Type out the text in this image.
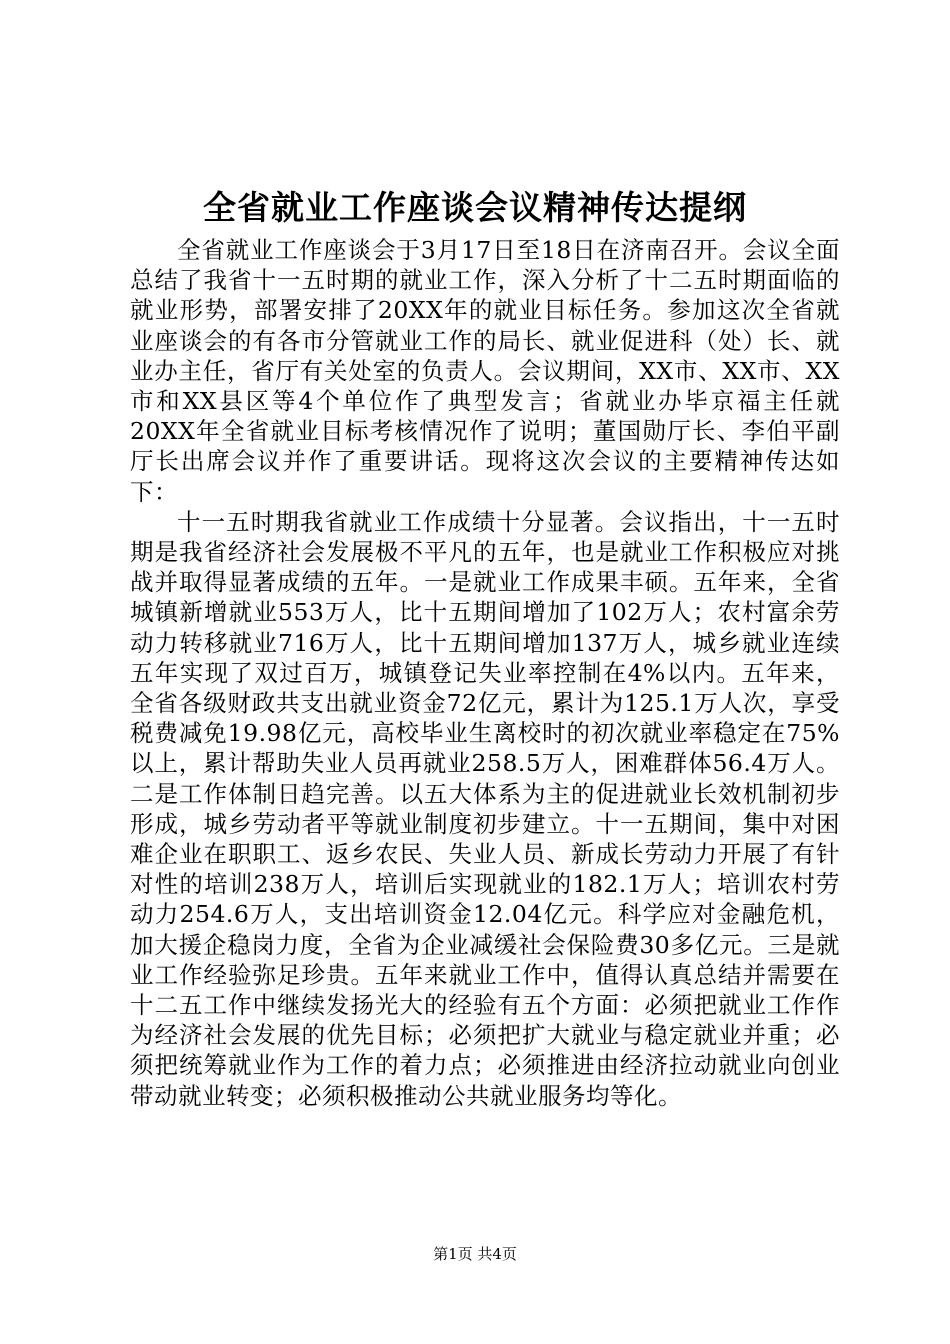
全省就业工作座谈会议精神传达提纲

全省就业工作座谈会于3月17日至18日在济南召开。会议全面总结了我省十一五时期的就业工作，深入分析了十二五时期面临的就业形势，部署安排了20XX年的就业目标任务。参加这次全省就业座谈会的有各市分管就业工作的局长、就业促进科（处）长、就业办主任，省厅有关处室的负责人。会议期间，XX市、XX市、XX市和XX县区等4个单位作了典型发言；省就业办毕京福主任就20XX年全省就业目标考核情况作了说明；董国勋厅长、李伯平副厅长出席会议并作了重要讲话。现将这次会议的主要精神传达如下：

十一五时期我省就业工作成绩十分显著。会议指出，十一五时期是我省经济社会发展极不平凡的五年，也是就业工作积极应对挑战并取得显著成绩的五年。一是就业工作成果丰硕。五年来，全省城镇新增就业553万人，比十五期间增加了102万人；农村富余劳动力转移就业716万人，比十五期间增加137万人，城乡就业连续五年实现了双过百万，城镇登记失业率控制在4%以内。五年来，全省各级财政共支出就业资金72亿元，累计为125.1万人次，享受税费减免19.98亿元，高校毕业生离校时的初次就业率稳定在75%以上，累计帮助失业人员再就业258.5万人，困难群体56.4万人。二是工作体制日趋完善。以五大体系为主的促进就业长效机制初步形成，城乡劳动者平等就业制度初步建立。十一五期间，集中对困难企业在职职工、返乡农民、失业人员、新成长劳动力开展了有针对性的培训238万人，培训后实现就业的182.1万人；培训农村劳动力254.6万人，支出培训资金12.04亿元。科学应对金融危机，加大援企稳岗力度，全省为企业减缓社会保险费30多亿元。三是就业工作经验弥足珍贵。五年来就业工作中，值得认真总结并需要在十二五工作中继续发扬光大的经验有五个方面：必须把就业工作作为经济社会发展的优先目标；必须把扩大就业与稳定就业并重；必须把统筹就业作为工作的着力点；必须推进由经济拉动就业向创业带动就业转变；必须积极推动公共就业服务均等化。

第1页 共4页
